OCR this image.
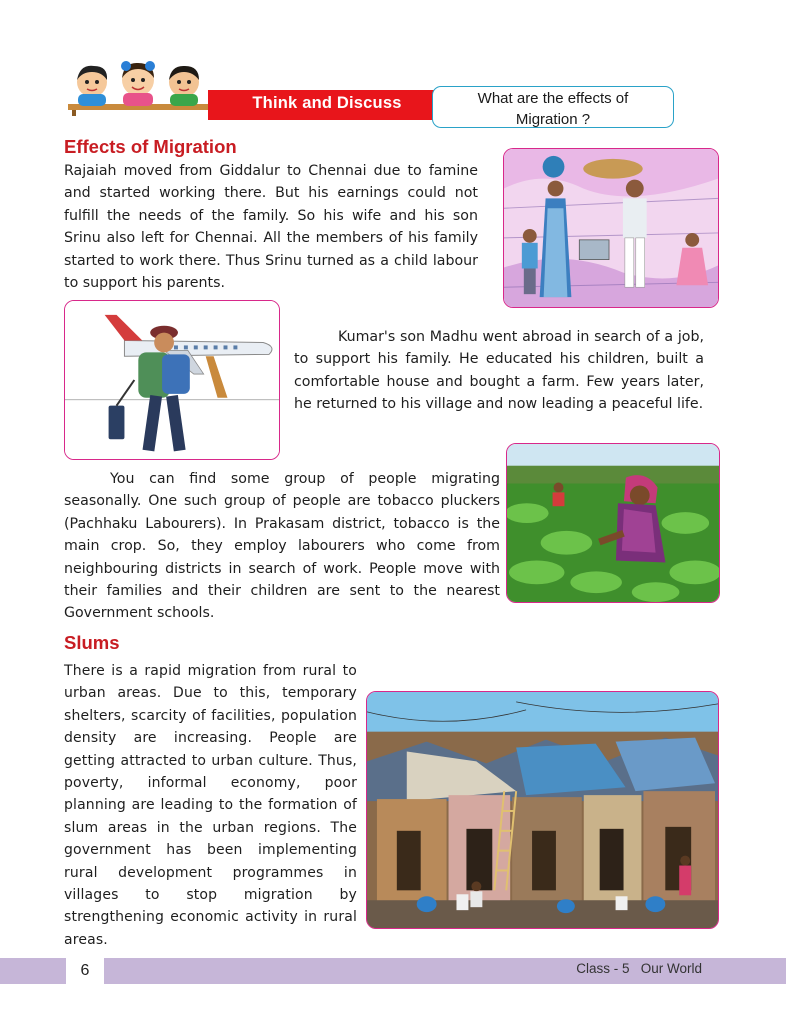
Think and Discuss	What are the effects of
Migration ?
Effects of Migration
Rajaiah moved from Giddalur to Chennai due to famine and started working there. But his earnings could not fulfill the needs of the family. So his wife and his son Srinu also left for Chennai. All the members of his family started to work there. Thus Srinu turned as a child labour to support his parents.
Kumar's son Madhu went abroad in search of a job, to support his family. He educated his children, built a comfortable house and bought a farm. Few years later, he returned to his village and now leading a peaceful life.
You can find some group of people migrating seasonally. One such group of people are tobacco pluckers (Pachhaku Labourers). In Prakasam district, tobacco is the main crop. So, they employ labourers who come from neighbouring districts in search of work. People move with their families and their children are sent to the nearest Government schools.
Slums
There is a rapid migration from rural to urban areas. Due to this, temporary shelters, scarcity of facilities, population density are increasing. People are getting attracted to urban culture. Thus, poverty, informal economy, poor planning are leading to the formation of slum areas in the urban regions. The government has been implementing rural development programmes in villages to stop migration by strengthening economic activity in rural areas.
6	Class - 5   Our World
